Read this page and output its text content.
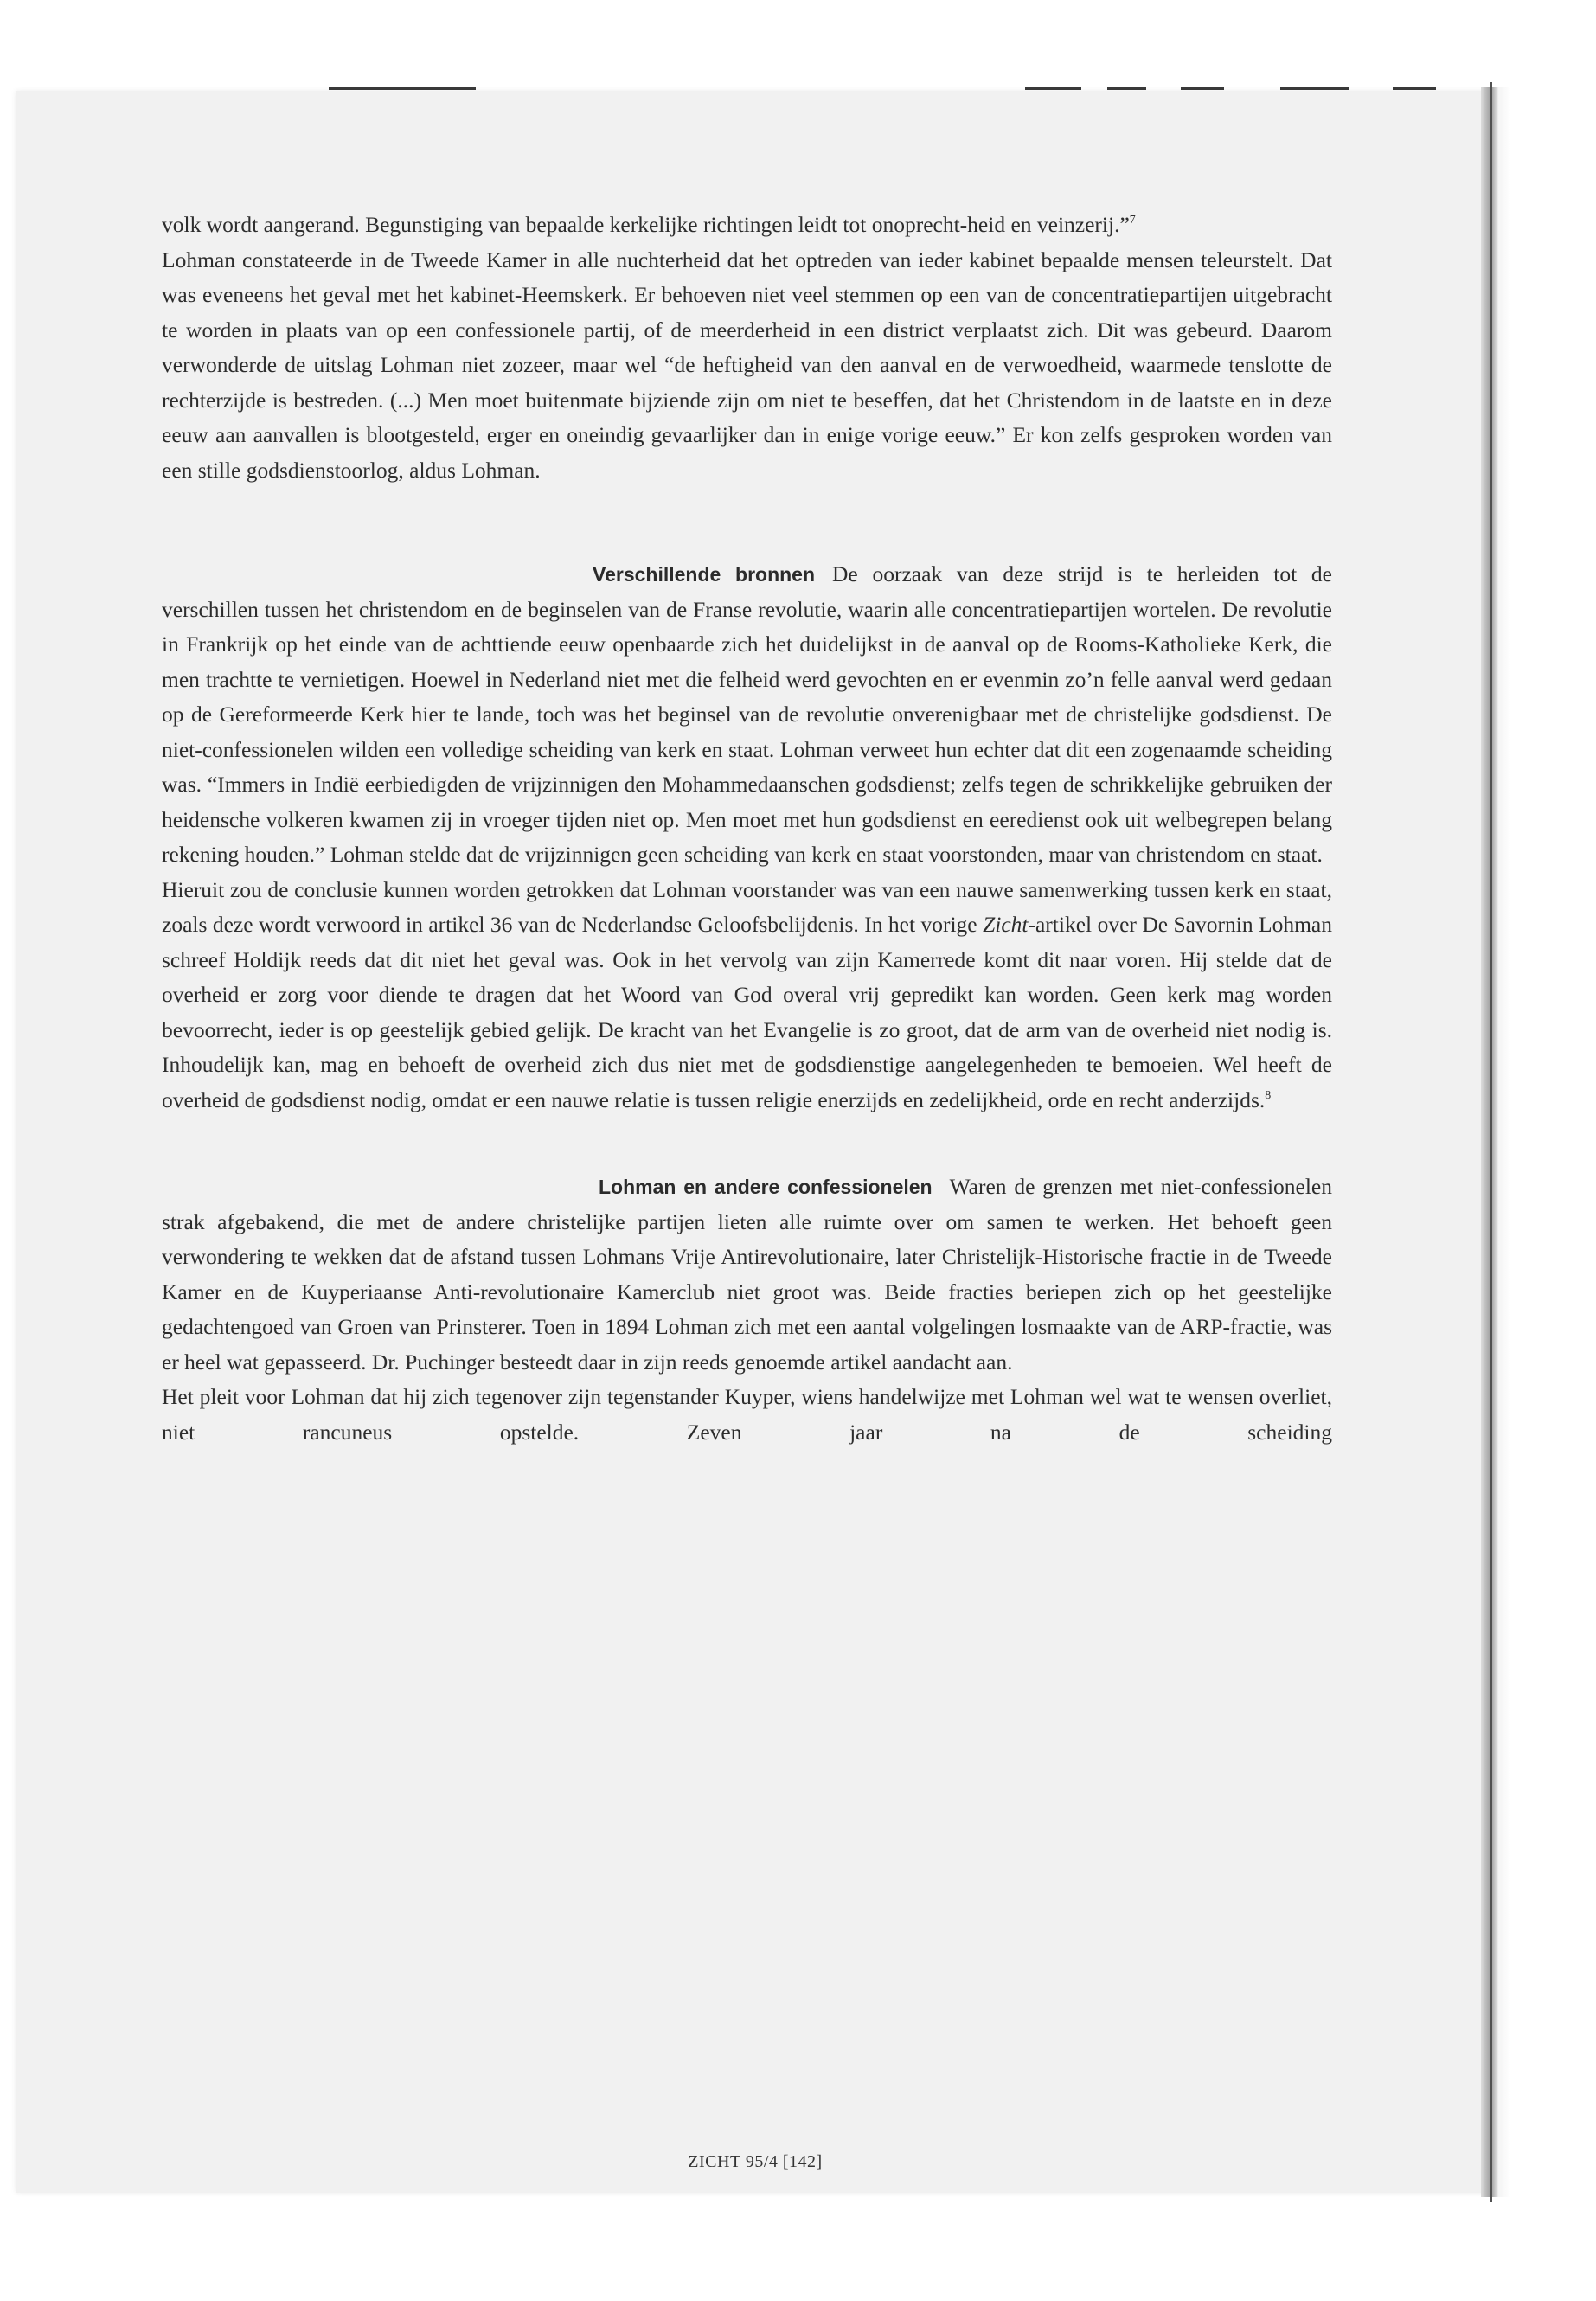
volk wordt aangerand. Begunstiging van bepaalde kerkelijke richtingen leidt tot onoprecht-heid en veinzerij.”$^7$

Lohman constateerde in de Tweede Kamer in alle nuchterheid dat het optreden van ieder kabinet bepaalde mensen teleurstelt. Dat was eveneens het geval met het kabinet-Heemskerk. Er behoeven niet veel stemmen op een van de concentratiepartijen uitgebracht te worden in plaats van op een confessionele partij, of de meerderheid in een district verplaatst zich. Dit was gebeurd. Daarom verwonderde de uitslag Lohman niet zozeer, maar wel “de heftigheid van den aanval en de verwoedheid, waarmede tenslotte de rechterzijde is bestreden. (...) Men moet buitenmate bijziende zijn om niet te beseffen, dat het Christendom in de laatste en in deze eeuw aan aanvallen is blootgesteld, erger en oneindig gevaarlijker dan in enige vorige eeuw.” Er kon zelfs gesproken worden van een stille godsdienstoorlog, aldus Lohman.

Verschillende bronnen De oorzaak van deze strijd is te herleiden tot de verschillen tussen het christendom en de beginselen van de Franse revolutie, waarin alle concentratiepartijen wortelen. De revolutie in Frankrijk op het einde van de achttiende eeuw openbaarde zich het duidelijkst in de aanval op de Rooms-Katholieke Kerk, die men trachtte te vernietigen. Hoewel in Nederland niet met die felheid werd gevochten en er evenmin zo’n felle aanval werd gedaan op de Gereformeerde Kerk hier te lande, toch was het beginsel van de revolutie onverenigbaar met de christelijke godsdienst. De niet-confessionelen wilden een volledige scheiding van kerk en staat. Lohman verweet hun echter dat dit een zogenaamde scheiding was. “Immers in Indië eerbiedigden de vrijzinnigen den Mohammedaanschen godsdienst; zelfs tegen de schrikkelijke gebruiken der heidensche volkeren kwamen zij in vroeger tijden niet op. Men moet met hun godsdienst en eeredienst ook uit welbegrepen belang rekening houden.” Lohman stelde dat de vrijzinnigen geen scheiding van kerk en staat voorstonden, maar van christendom en staat.

Hieruit zou de conclusie kunnen worden getrokken dat Lohman voorstander was van een nauwe samenwerking tussen kerk en staat, zoals deze wordt verwoord in artikel 36 van de Nederlandse Geloofsbelijdenis. In het vorige Zicht-artikel over De Savornin Lohman schreef Holdijk reeds dat dit niet het geval was. Ook in het vervolg van zijn Kamerrede komt dit naar voren. Hij stelde dat de overheid er zorg voor diende te dragen dat het Woord van God overal vrij gepredikt kan worden. Geen kerk mag worden bevoorrecht, ieder is op geestelijk gebied gelijk. De kracht van het Evangelie is zo groot, dat de arm van de overheid niet nodig is. Inhoudelijk kan, mag en behoeft de overheid zich dus niet met de godsdienstige aangelegenheden te bemoeien. Wel heeft de overheid de godsdienst nodig, omdat er een nauwe relatie is tussen religie enerzijds en zedelijkheid, orde en recht anderzijds.$^8$

Lohman en andere confessionelen Waren de grenzen met niet-confessionelen strak afgebakend, die met de andere christelijke partijen lieten alle ruimte over om samen te werken. Het behoeft geen verwondering te wekken dat de afstand tussen Lohmans Vrije Antirevolutionaire, later Christelijk-Historische fractie in de Tweede Kamer en de Kuyperiaanse Anti-revolutionaire Kamerclub niet groot was. Beide fracties beriepen zich op het geestelijke gedachtengoed van Groen van Prinsterer. Toen in 1894 Lohman zich met een aantal volgelingen losmaakte van de ARP-fractie, was er heel wat gepasseerd. Dr. Puchinger besteedt daar in zijn reeds genoemde artikel aandacht aan.

Het pleit voor Lohman dat hij zich tegenover zijn tegenstander Kuyper, wiens handelwijze met Lohman wel wat te wensen overliet, niet rancuneus opstelde. Zeven jaar na de scheiding

ZICHT 95/4 [142]
